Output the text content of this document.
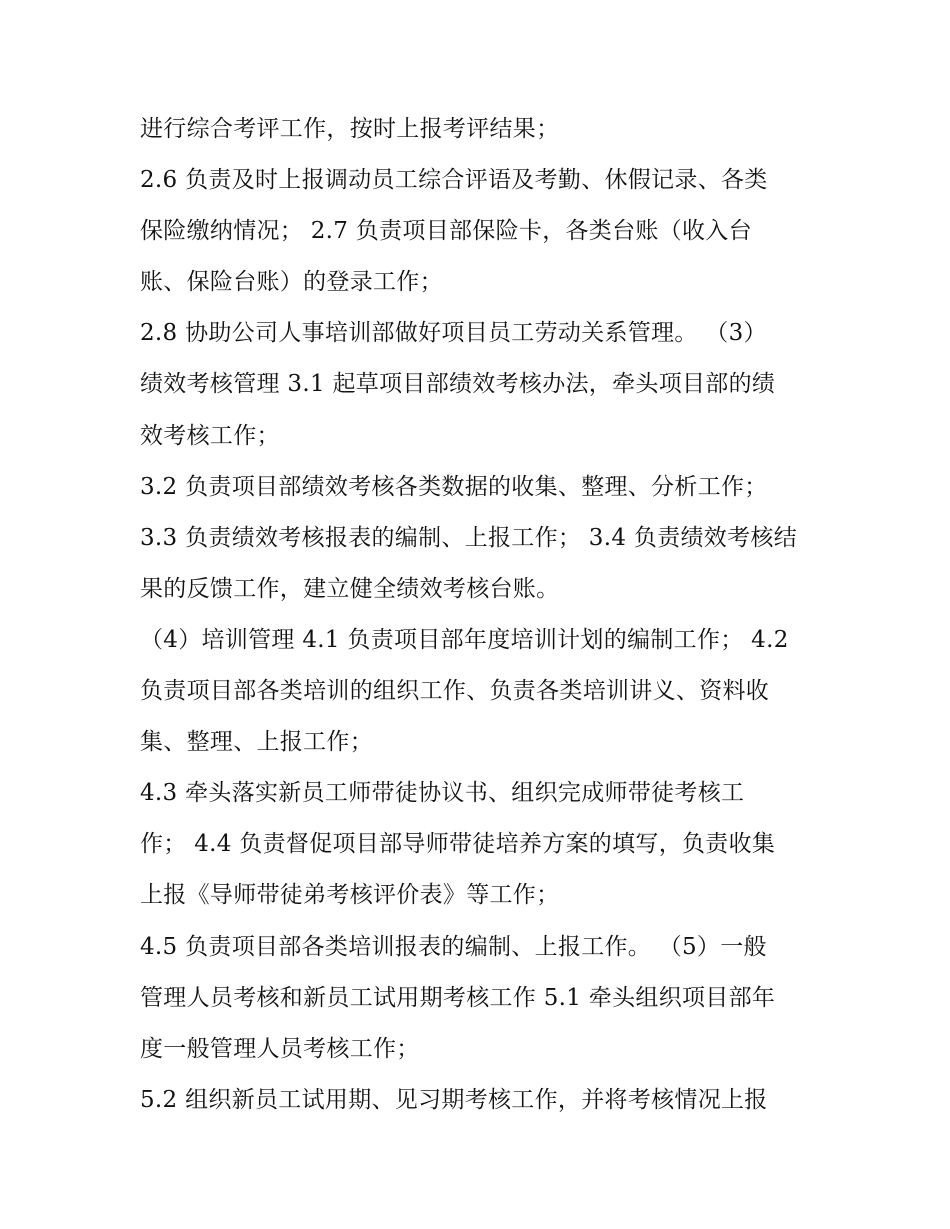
进行综合考评工作，按时上报考评结果；
2.6 负责及时上报调动员工综合评语及考勤、休假记录、各类
保险缴纳情况； 2.7 负责项目部保险卡，各类台账（收入台
账、保险台账）的登录工作；
2.8 协助公司人事培训部做好项目员工劳动关系管理。 （3）
绩效考核管理 3.1 起草项目部绩效考核办法，牵头项目部的绩
效考核工作；
3.2 负责项目部绩效考核各类数据的收集、整理、分析工作；
3.3 负责绩效考核报表的编制、上报工作； 3.4 负责绩效考核结
果的反馈工作，建立健全绩效考核台账。
（4）培训管理 4.1 负责项目部年度培训计划的编制工作； 4.2
负责项目部各类培训的组织工作、负责各类培训讲义、资料收
集、整理、上报工作；
4.3 牵头落实新员工师带徒协议书、组织完成师带徒考核工
作； 4.4 负责督促项目部导师带徒培养方案的填写，负责收集
上报《导师带徒弟考核评价表》等工作；
4.5 负责项目部各类培训报表的编制、上报工作。 （5）一般
管理人员考核和新员工试用期考核工作 5.1 牵头组织项目部年
度一般管理人员考核工作；
5.2 组织新员工试用期、见习期考核工作，并将考核情况上报
